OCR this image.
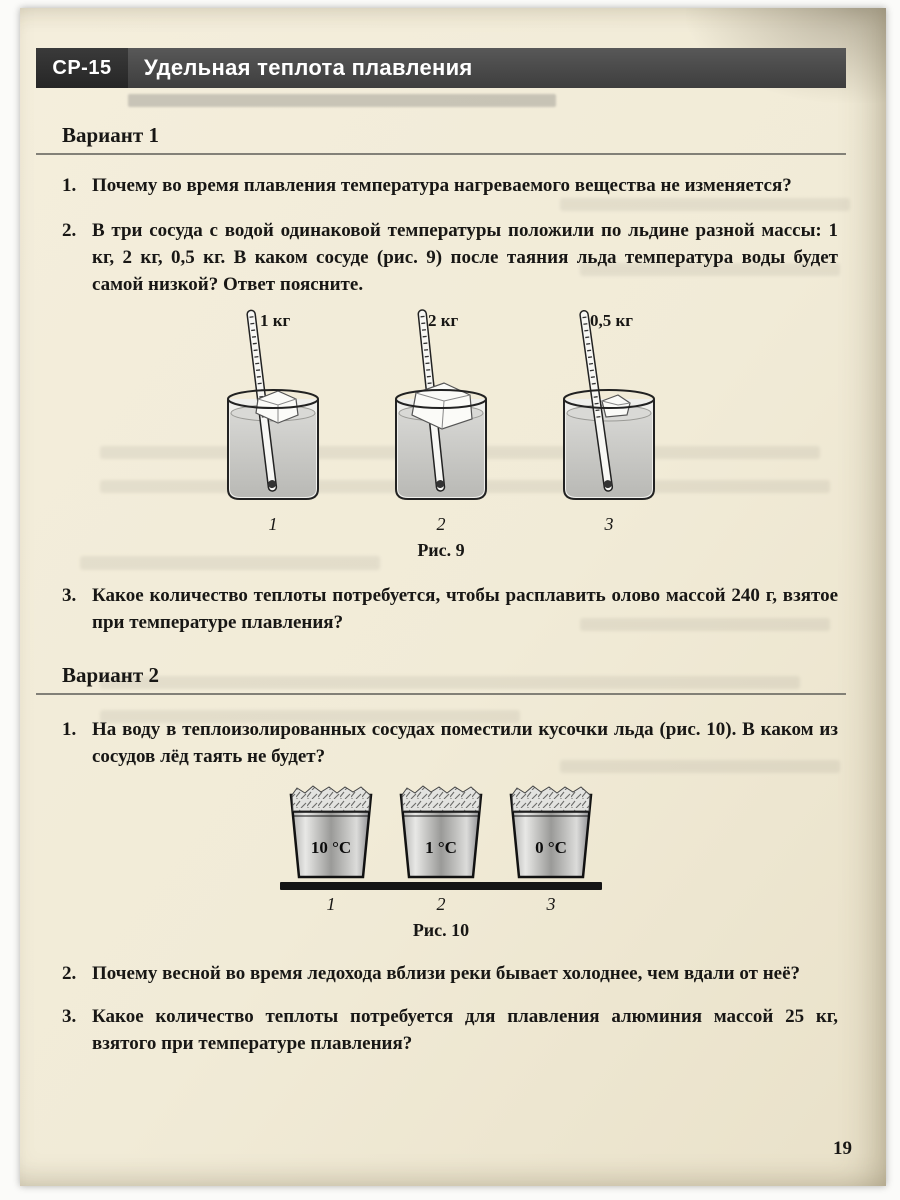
СР-15	Удельная теплота плавления
Вариант 1
1. Почему во время плавления температура нагреваемого вещества не изменяется?

2. В три сосуда с водой одинаковой температуры положили по льдине разной массы: 1 кг, 2 кг, 0,5 кг. В каком сосуде (рис. 9) после таяния льда температура воды будет самой низкой? Ответ поясните.

1 кг	2 кг	0,5 кг
1	2	3
Рис. 9
3. Какое количество теплоты потребуется, чтобы расплавить олово массой 240 г, взятое при температуре плавления?

Вариант 2
1. На воду в теплоизолированных сосудах поместили кусочки льда (рис. 10). В каком из сосудов лёд таять не будет?

10 °C	1 °C	0 °C
1	2	3
Рис. 10
2. Почему весной во время ледохода вблизи реки бывает холоднее, чем вдали от неё?

3. Какое количество теплоты потребуется для плавления алюминия массой 25 кг, взятого при температуре плавления?

19
